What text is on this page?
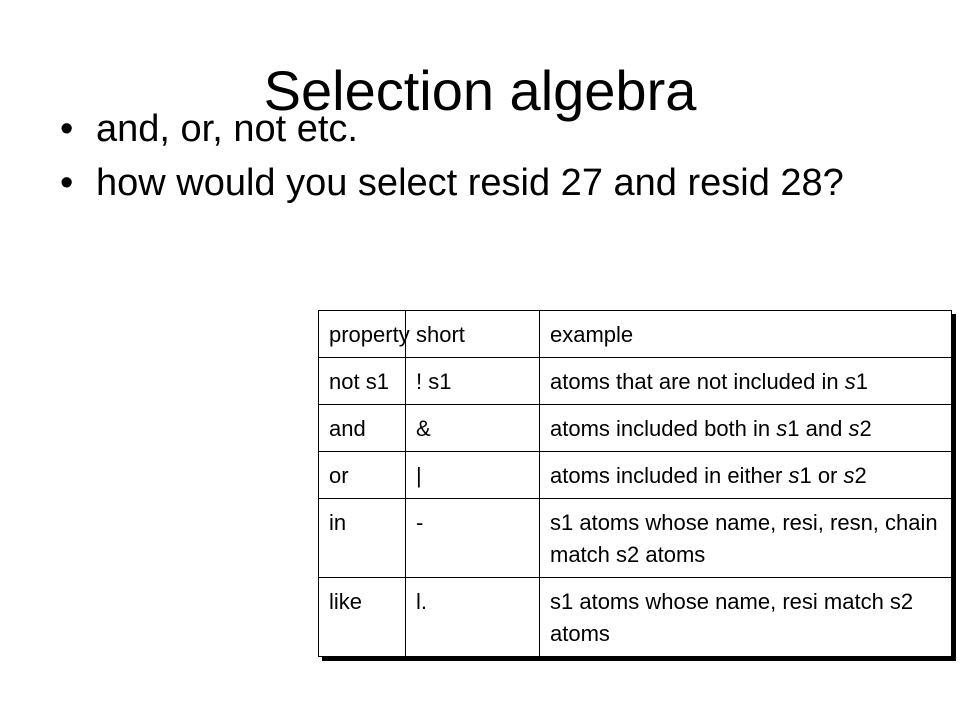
Selection algebra
• and, or, not etc.
• how would you select resid 27 and resid 28?
property	short	example
not s1	! s1	atoms that are not included in s1
and	&	atoms included both in s1 and s2
or	|	atoms included in either s1 or s2
in	-	s1 atoms whose name, resi, resn, chain match s2 atoms
like	l.	s1 atoms whose name, resi match s2 atoms
